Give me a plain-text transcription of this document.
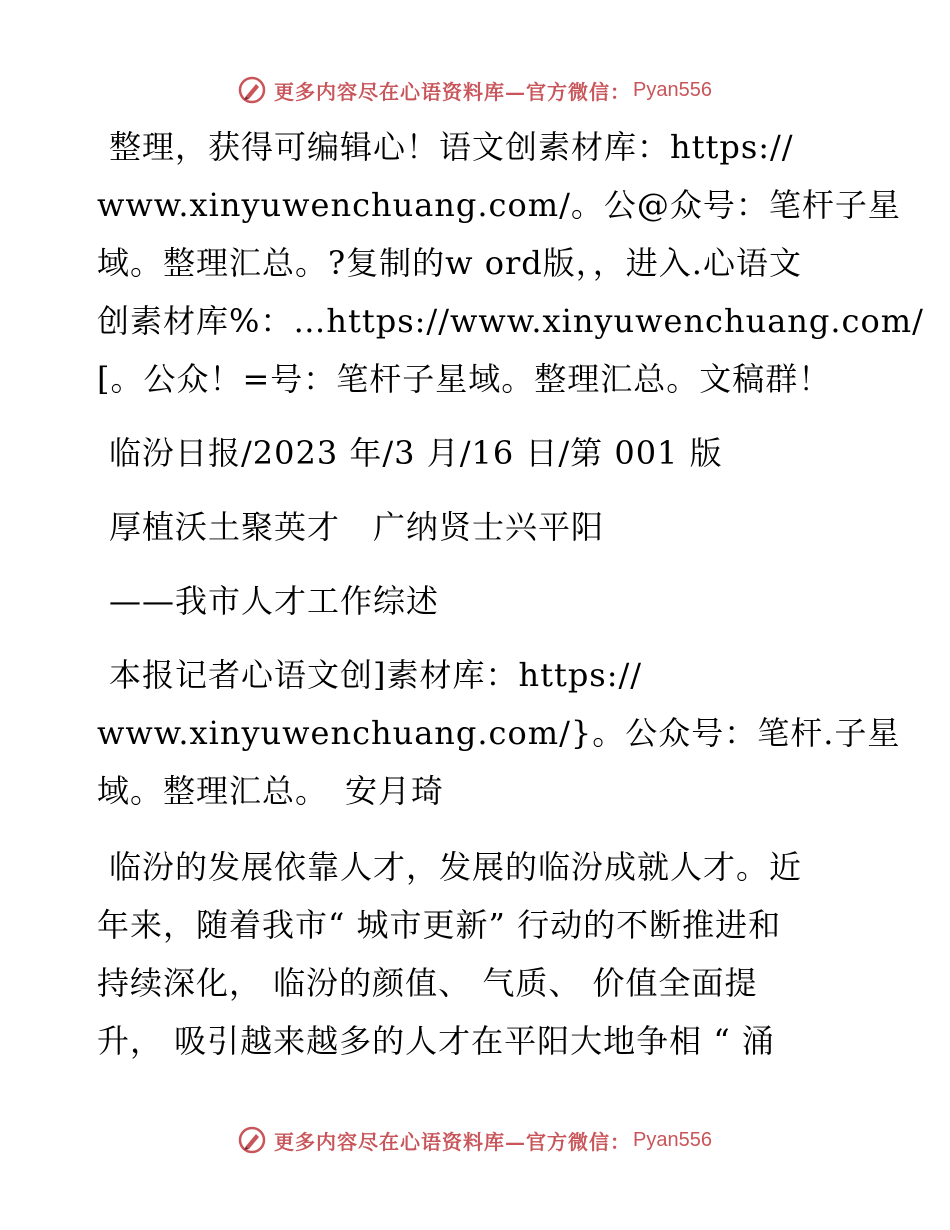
更多内容尽在心语资料库—官方微信： Pyan556
整理，获得可编辑心！语文创素材库：https://
www.xinyuwenchuang.com/。公@众号：笔杆子星
域。整理汇总。?复制的w ord版，，进入.心语文
创素材库%：…https://www.xinyuwenchuang.com/
[。公众！=号：笔杆子星域。整理汇总。文稿群！
临汾日报/2023 年/3 月/16 日/第 001 版
厚植沃土聚英才　广纳贤士兴平阳
——我市人才工作综述
本报记者心语文创]素材库：https://
www.xinyuwenchuang.com/}。公众号：笔杆.子星
域。整理汇总。　安月琦
临汾的发展依靠人才，发展的临汾成就人才。近
年来，随着我市“ 城市更新” 行动的不断推进和
持续深化， 临汾的颜值、 气质、 价值全面提
升， 吸引越来越多的人才在平阳大地争相 “ 涌
更多内容尽在心语资料库—官方微信： Pyan556
